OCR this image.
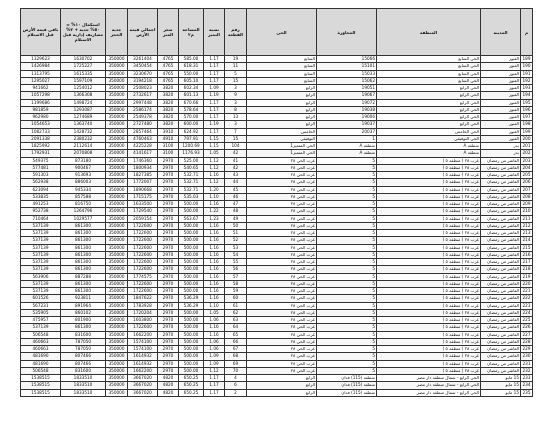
م	المدينة	المنطقة	المجاورة	الحي	رقم القطعة	نسبة التميز	المساحة م٢	سعر المتر	اجمالي قيمة الأرض	جدية الحجز	استكمال ١٠% = ٥٠% جدية + ٢% مصاريف إدارية قبل الاستلام	باقي قيمة الأرض قبل الاستلام
189	العبور	الحي السابع	15066	السابع	19	1.17	585.00	4765	3261404	350000	1630702	1329623
190	العبور	الحي السابع	15101	السابع	11	1.17	618.31	4765	3450454	350000	1725227	1426984
191	العبور	الحي السابع	15033	السابع	5	1.17	550.00	4765	3230670	350000	1615335	1313795
192	العبور	الحي السابع	15062	السابع	15	1.17	605.10	4765	3194218	350000	1597109	1295027
193	العبور	الحي الرابع	19051	الرابع	3	1.09	602.34	3820	2508023	350000	1254012	941662
194	العبور	الحي الرابع	19067	الرابع	9	1.19	601.13	3820	2732617	350000	1366308	1057298
195	العبور	الحي الرابع	19072	الرابع	3	1.17	670.66	3820	2997448	350000	1498724	1199686
196	العبور	الحي الرابع	19038	الرابع	8	1.17	578.64	3820	2586174	350000	1293087	981859
197	العبور	الحي الرابع	19006	الرابع	13	1.17	570.00	3820	2549378	350000	1274689	962980
198	العبور	الحي الرابع	19037	الرابع	3	1.19	600.00	3820	2727480	350000	1363740	1054653
199	العبور	الحي الخامس	20037	الخامس	7	1.17	624.92	3910	2857464	350000	1428732	1082733
200	العبور	الحي التوفيقي	1	التوفيقي	15	1.15	797.91	4910	4760463	350000	2380232	2091338
201	بدر	منطقة A	منطقة A	الحي المتميز1	104	1.15	1200.69	3100	4225228	350000	2112614	1825992
202	بدر	منطقة A	منطقة A	الحي المتميز1	42	1.05	1176.93	3100	4141617	350000	2070808	1792931
203	العاشر من رمضان	غرب ٢٨ ( منطقة ٥ )	5	غرب الحي ٢٨	41	1.12	525.00	2970	1746360	350000	873180	549375
204	العاشر من رمضان	غرب ٢٨ ( منطقة ٥ )	5	غرب الحي ٢٨	42	1.12	540.65	2970	1800934	350000	900467	577481
205	العاشر من رمضان	غرب ٢٨ ( منطقة ٥ )	5	غرب الحي ٢٨	43	1.16	532.71	2970	1827385	350000	913693	591303
206	العاشر من رمضان	غرب ٢٨ ( منطقة ٥ )	5	غرب الحي ٢٨	44	1.12	532.71	2970	1772007	350000	886003	562938
207	العاشر من رمضان	غرب ٢٨ ( منطقة ٥ )	5	غرب الحي ٢٨	45	1.20	532.71	2970	1890668	350000	945334	623094
208	العاشر من رمضان	غرب ٢٨ ( منطقة ٥ )	5	غرب الحي ٢٨	46	1.10	535.03	2970	1715175	350000	857588	533835
209	العاشر من رمضان	غرب ٢٨ ( منطقة ٥ )	5	غرب الحي ٢٨	47	1.16	500.00	2970	1633500	350000	816750	491253
210	العاشر من رمضان	غرب ٢٨ ( منطقة ٥ )	5	غرب الحي ٢٨	48	1.22	500.00	2970	1729540	350000	1264796	952738
211	العاشر من رمضان	غرب ٢٨ ( منطقة ٥ )	5	غرب الحي ٢٨	49	1.23	563.67	2970	2059154	350000	1029577	710464
212	العاشر من رمضان	غرب ٢٨ ( منطقة ٥ )	5	غرب الحي ٢٨	50	1.16	500.00	2970	1722600	350000	861300	537139
213	العاشر من رمضان	غرب ٢٨ ( منطقة ٥ )	5	غرب الحي ٢٨	51	1.16	500.00	2970	1722600	350000	861300	537139
214	العاشر من رمضان	غرب ٢٨ ( منطقة ٥ )	5	غرب الحي ٢٨	52	1.16	500.00	2970	1722600	350000	861300	537139
215	العاشر من رمضان	غرب ٢٨ ( منطقة ٥ )	5	غرب الحي ٢٨	53	1.16	500.00	2970	1722600	350000	861300	537139
216	العاشر من رمضان	غرب ٢٨ ( منطقة ٥ )	5	غرب الحي ٢٨	54	1.16	500.00	2970	1722600	350000	861300	537139
217	العاشر من رمضان	غرب ٢٨ ( منطقة ٥ )	5	غرب الحي ٢٨	55	1.16	500.00	2970	1722600	350000	861300	537139
218	العاشر من رمضان	غرب ٢٨ ( منطقة ٥ )	5	غرب الحي ٢٨	56	1.16	500.00	2970	1722600	350000	861300	537139
219	العاشر من رمضان	غرب ٢٨ ( منطقة ٥ )	5	غرب الحي ٢٨	57	1.16	500.00	2970	1774575	350000	887288	563906
220	العاشر من رمضان	غرب ٢٨ ( منطقة ٥ )	5	غرب الحي ٢٨	58	1.16	500.00	2970	1722600	350000	861300	537139
221	العاشر من رمضان	غرب ٢٨ ( منطقة ٥ )	5	غرب الحي ٢٨	59	1.16	500.00	2970	1722600	350000	861300	537139
222	العاشر من رمضان	غرب ٢٨ ( منطقة ٥ )	5	غرب الحي ٢٨	60	1.16	536.29	2970	1847622	350000	923811	601526
223	العاشر من رمضان	غرب ٢٨ ( منطقة ٥ )	5	غرب الحي ٢٨	61	1.10	536.29	2970	1783928	350000	891964	567231
224	العاشر من رمضان	غرب ٢٨ ( منطقة ٥ )	5	غرب الحي ٢٨	62	1.05	500.00	2970	1720204	350000	860102	535905
225	العاشر من رمضان	غرب ٢٨ ( منطقة ٥ )	5	غرب الحي ٢٨	63	1.06	500.00	2970	1603800	350000	801900	475957
226	العاشر من رمضان	غرب ٢٨ ( منطقة ٥ )	5	غرب الحي ٢٨	64	1.16	500.00	2970	1722600	350000	861300	537139
227	العاشر من رمضان	غرب ٢٨ ( منطقة ٥ )	5	غرب الحي ٢٨	65	1.16	500.00	2970	1662200	350000	831600	506548
228	العاشر من رمضان	غرب ٢٨ ( منطقة ٥ )	5	غرب الحي ٢٨	66	1.06	500.00	2970	1574100	350000	787050	460663
229	العاشر من رمضان	غرب ٢٨ ( منطقة ٥ )	5	غرب الحي ٢٨	67	1.06	500.00	2970	1574100	350000	787050	460663
230	العاشر من رمضان	غرب ٢٨ ( منطقة ٥ )	5	غرب الحي ٢٨	68	1.09	500.00	2970	1614932	350000	807466	481690
231	العاشر من رمضان	غرب ٢٨ ( منطقة ٥ )	5	غرب الحي ٢٨	69	1.09	500.00	2970	1614932	350000	807466	481690
232	العاشر من رمضان	غرب ٢٨ ( منطقة ٥ )	5	غرب الحي ٢٨	70	1.12	500.00	2970	1662200	350000	831600	506548
233	15 مايو	الحي الرابع - شمال منطقة دار مصر	منطقة (115) فدان	الرابع	4	1.17	650.25	4820	3667020	350000	1833510	1538515
234	15 مايو	الحي الرابع - شمال منطقة دار مصر	منطقة (115) فدان	الرابع	6	1.17	650.25	4820	3667020	350000	1833510	1538515
235	15 مايو	الحي الرابع - شمال منطقة دار مصر	منطقة (115) فدان	الرابع	2	1.17	650.25	4820	3667020	350000	1833510	1538515
